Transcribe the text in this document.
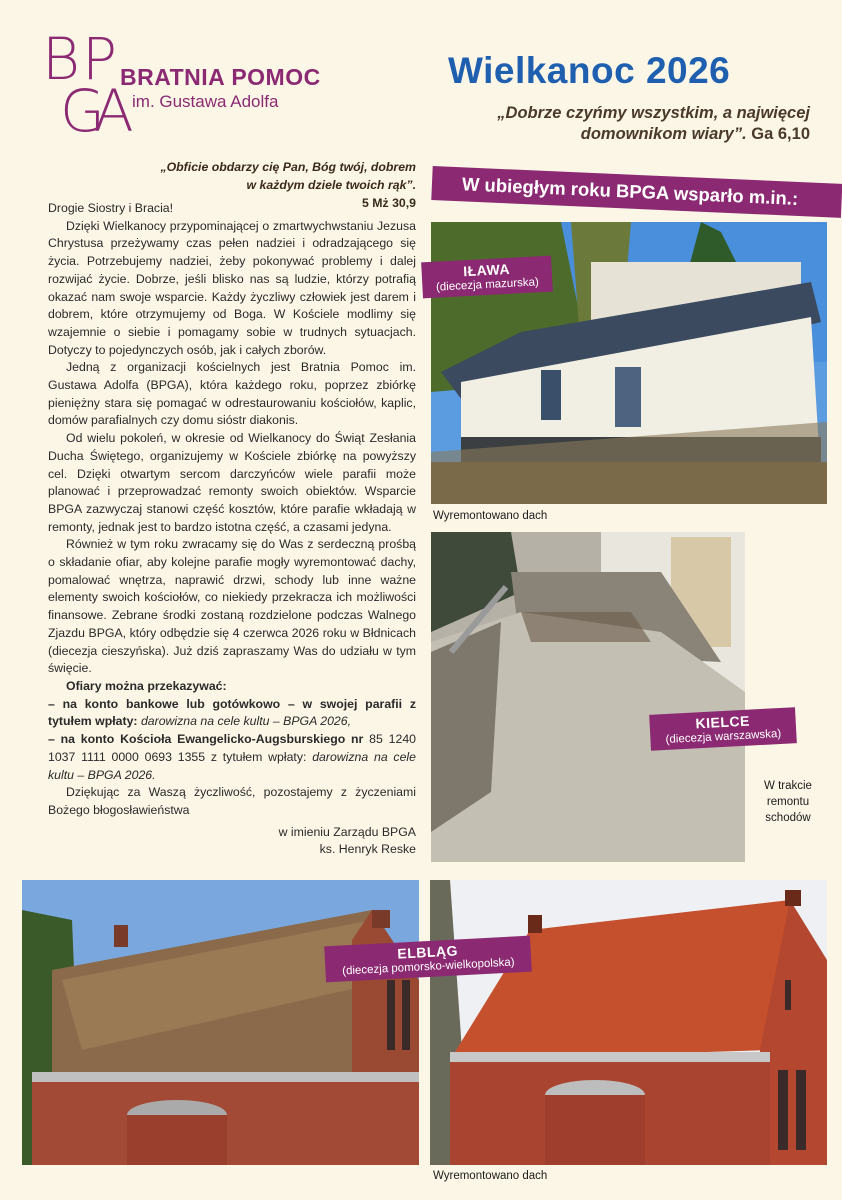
B P
G
A
BRATNIA POMOC
im. Gustawa Adolfa
Wielkanoc 2026
„Dobrze czyńmy wszystkim, a najwięcej domownikom wiary”. Ga 6,10
W ubiegłym roku BPGA wsparło m.in.:
„Obficie obdarzy cię Pan, Bóg twój, dobrem w każdym dziele twoich rąk”.
5 Mż 30,9

Drogie Siostry i Bracia!

Dzięki Wielkanocy przypominającej o zmartwychwstaniu Jezusa Chrystusa przeżywamy czas pełen nadziei i odradzającego się życia. Potrzebujemy nadziei, żeby pokonywać problemy i dalej rozwijać życie. Dobrze, jeśli blisko nas są ludzie, którzy potrafią okazać nam swoje wsparcie. Każdy życzliwy człowiek jest darem i dobrem, które otrzymujemy od Boga. W Kościele modlimy się wzajemnie o siebie i pomagamy sobie w trudnych sytuacjach. Dotyczy to pojedynczych osób, jak i całych zborów.

Jedną z organizacji kościelnych jest Bratnia Pomoc im. Gustawa Adolfa (BPGA), która każdego roku, poprzez zbiórkę pieniężny stara się pomagać w odrestaurowaniu kościołów, kaplic, domów parafialnych czy domu sióstr diakonis.

Od wielu pokoleń, w okresie od Wielkanocy do Świąt Zesłania Ducha Świętego, organizujemy w Kościele zbiórkę na powyższy cel. Dzięki otwartym sercom darczyńców wiele parafii może planować i przeprowadzać remonty swoich obiektów. Wsparcie BPGA zazwyczaj stanowi część kosztów, które parafie wkładają w remonty, jednak jest to bardzo istotna część, a czasami jedyna.

Również w tym roku zwracamy się do Was z serdeczną prośbą o składanie ofiar, aby kolejne parafie mogły wyremontować dachy, pomalować wnętrza, naprawić drzwi, schody lub inne ważne elementy swoich kościołów, co niekiedy przekracza ich możliwości finansowe. Zebrane środki zostaną rozdzielone podczas Walnego Zjazdu BPGA, który odbędzie się 4 czerwca 2026 roku w Błdnicach (diecezja cieszyńska). Już dziś zapraszamy Was do udziału w tym święcie.

Ofiary można przekazywać:

– na konto bankowe lub gotówkowo – w swojej parafii z tytułem wpłaty: darowizna na cele kultu – BPGA 2026,

– na konto Kościoła Ewangelicko-Augsburskiego nr 85 1240 1037 1111 0000 0693 1355 z tytułem wpłaty: darowizna na cele kultu – BPGA 2026.

Dziękując za Waszą życzliwość, pozostajemy z życzeniami Bożego błogosławieństwa

w imieniu Zarządu BPGA
ks. Henryk Reske
IŁAWA
(diecezja mazurska)
Wyremontowano dach
KIELCE
(diecezja warszawska)
W trakcie remontu schodów
ELBLĄG
(diecezja pomorsko-wielkopolska)
Wyremontowano dach
